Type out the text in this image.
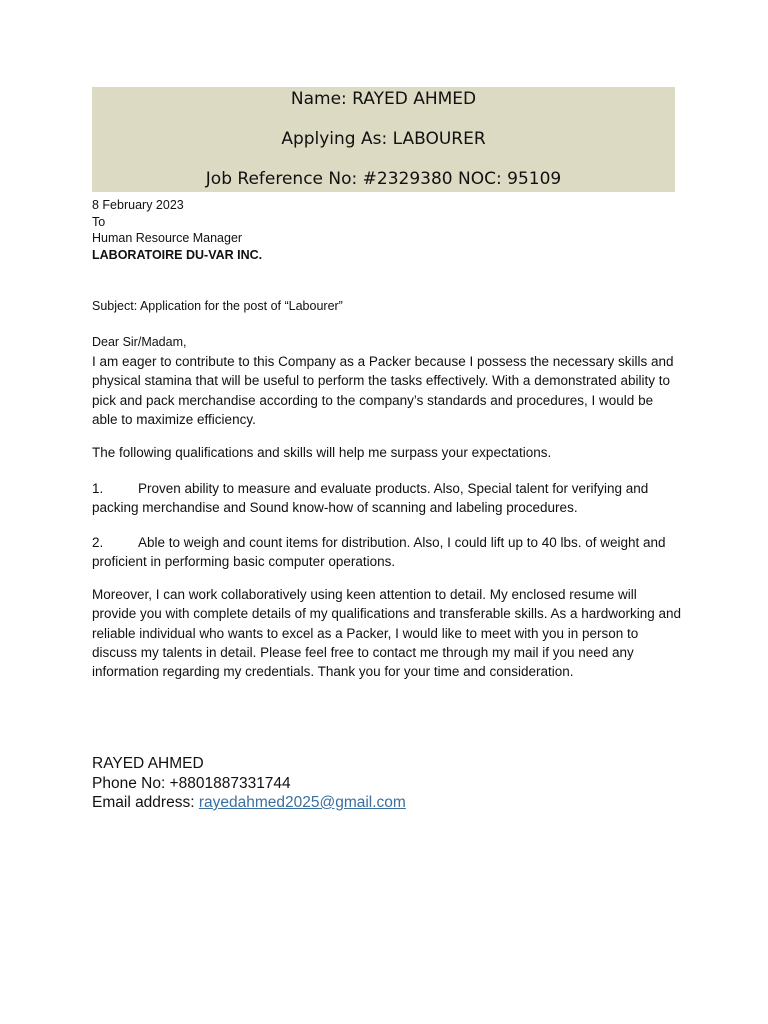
Name: RAYED AHMED
Applying As: LABOURER
Job Reference No: #2329380 NOC: 95109
8 February 2023
To
Human Resource Manager
LABORATOIRE DU-VAR INC.
Subject: Application for the post of “Labourer”
Dear Sir/Madam,

I am eager to contribute to this Company as a Packer because I possess the necessary skills and physical stamina that will be useful to perform the tasks effectively. With a demonstrated ability to pick and pack merchandise according to the company’s standards and procedures, I would be able to maximize efficiency.

The following qualifications and skills will help me surpass your expectations.

1.	Proven ability to measure and evaluate products. Also, Special talent for verifying and packing merchandise and Sound know-how of scanning and labeling procedures.

2.	Able to weigh and count items for distribution. Also, I could lift up to 40 lbs. of weight and proficient in performing basic computer operations.

Moreover, I can work collaboratively using keen attention to detail. My enclosed resume will provide you with complete details of my qualifications and transferable skills. As a hardworking and reliable individual who wants to excel as a Packer, I would like to meet with you in person to discuss my talents in detail. Please feel free to contact me through my mail if you need any information regarding my credentials. Thank you for your time and consideration.

RAYED AHMED
Phone No: +8801887331744
Email address: rayedahmed2025@gmail.com
